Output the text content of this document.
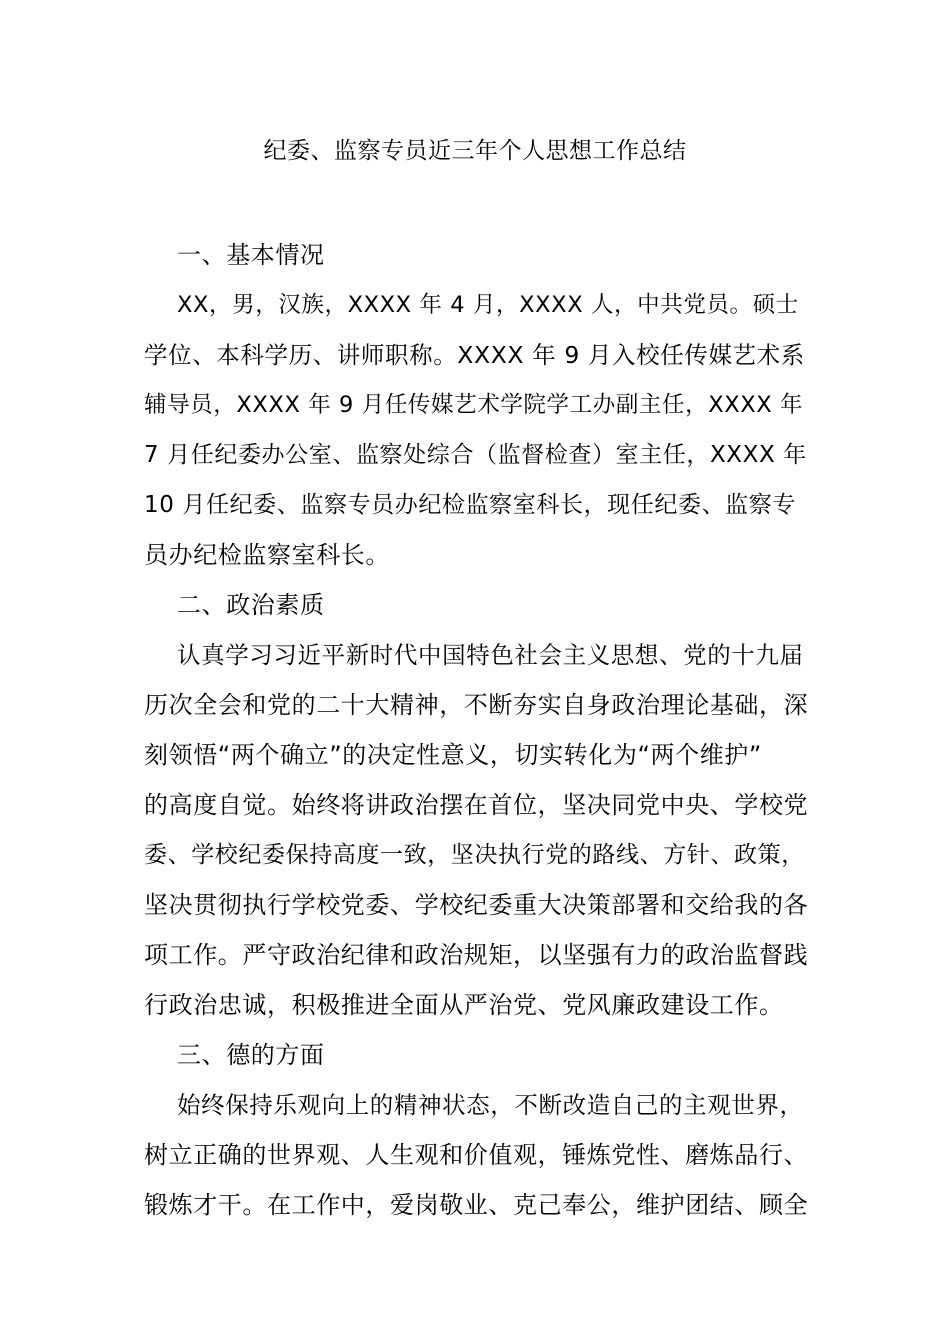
纪委、监察专员近三年个人思想工作总结
一、基本情况
XX，男，汉族，XXXX 年 4 月，XXXX 人，中共党员。硕士
学位、本科学历、讲师职称。XXXX 年 9 月入校任传媒艺术系
辅导员，XXXX 年 9 月任传媒艺术学院学工办副主任，XXXX 年
7 月任纪委办公室、监察处综合（监督检查）室主任，XXXX 年
10 月任纪委、监察专员办纪检监察室科长，现任纪委、监察专
员办纪检监察室科长。
二、政治素质
认真学习习近平新时代中国特色社会主义思想、党的十九届
历次全会和党的二十大精神，不断夯实自身政治理论基础，深
刻领悟“两个确立”的决定性意义，切实转化为“两个维护”
的高度自觉。始终将讲政治摆在首位，坚决同党中央、学校党
委、学校纪委保持高度一致，坚决执行党的路线、方针、政策，
坚决贯彻执行学校党委、学校纪委重大决策部署和交给我的各
项工作。严守政治纪律和政治规矩，以坚强有力的政治监督践
行政治忠诚，积极推进全面从严治党、党风廉政建设工作。
三、德的方面
始终保持乐观向上的精神状态，不断改造自己的主观世界，
树立正确的世界观、人生观和价值观，锤炼党性、磨炼品行、
锻炼才干。在工作中，爱岗敬业、克己奉公，维护团结、顾全
